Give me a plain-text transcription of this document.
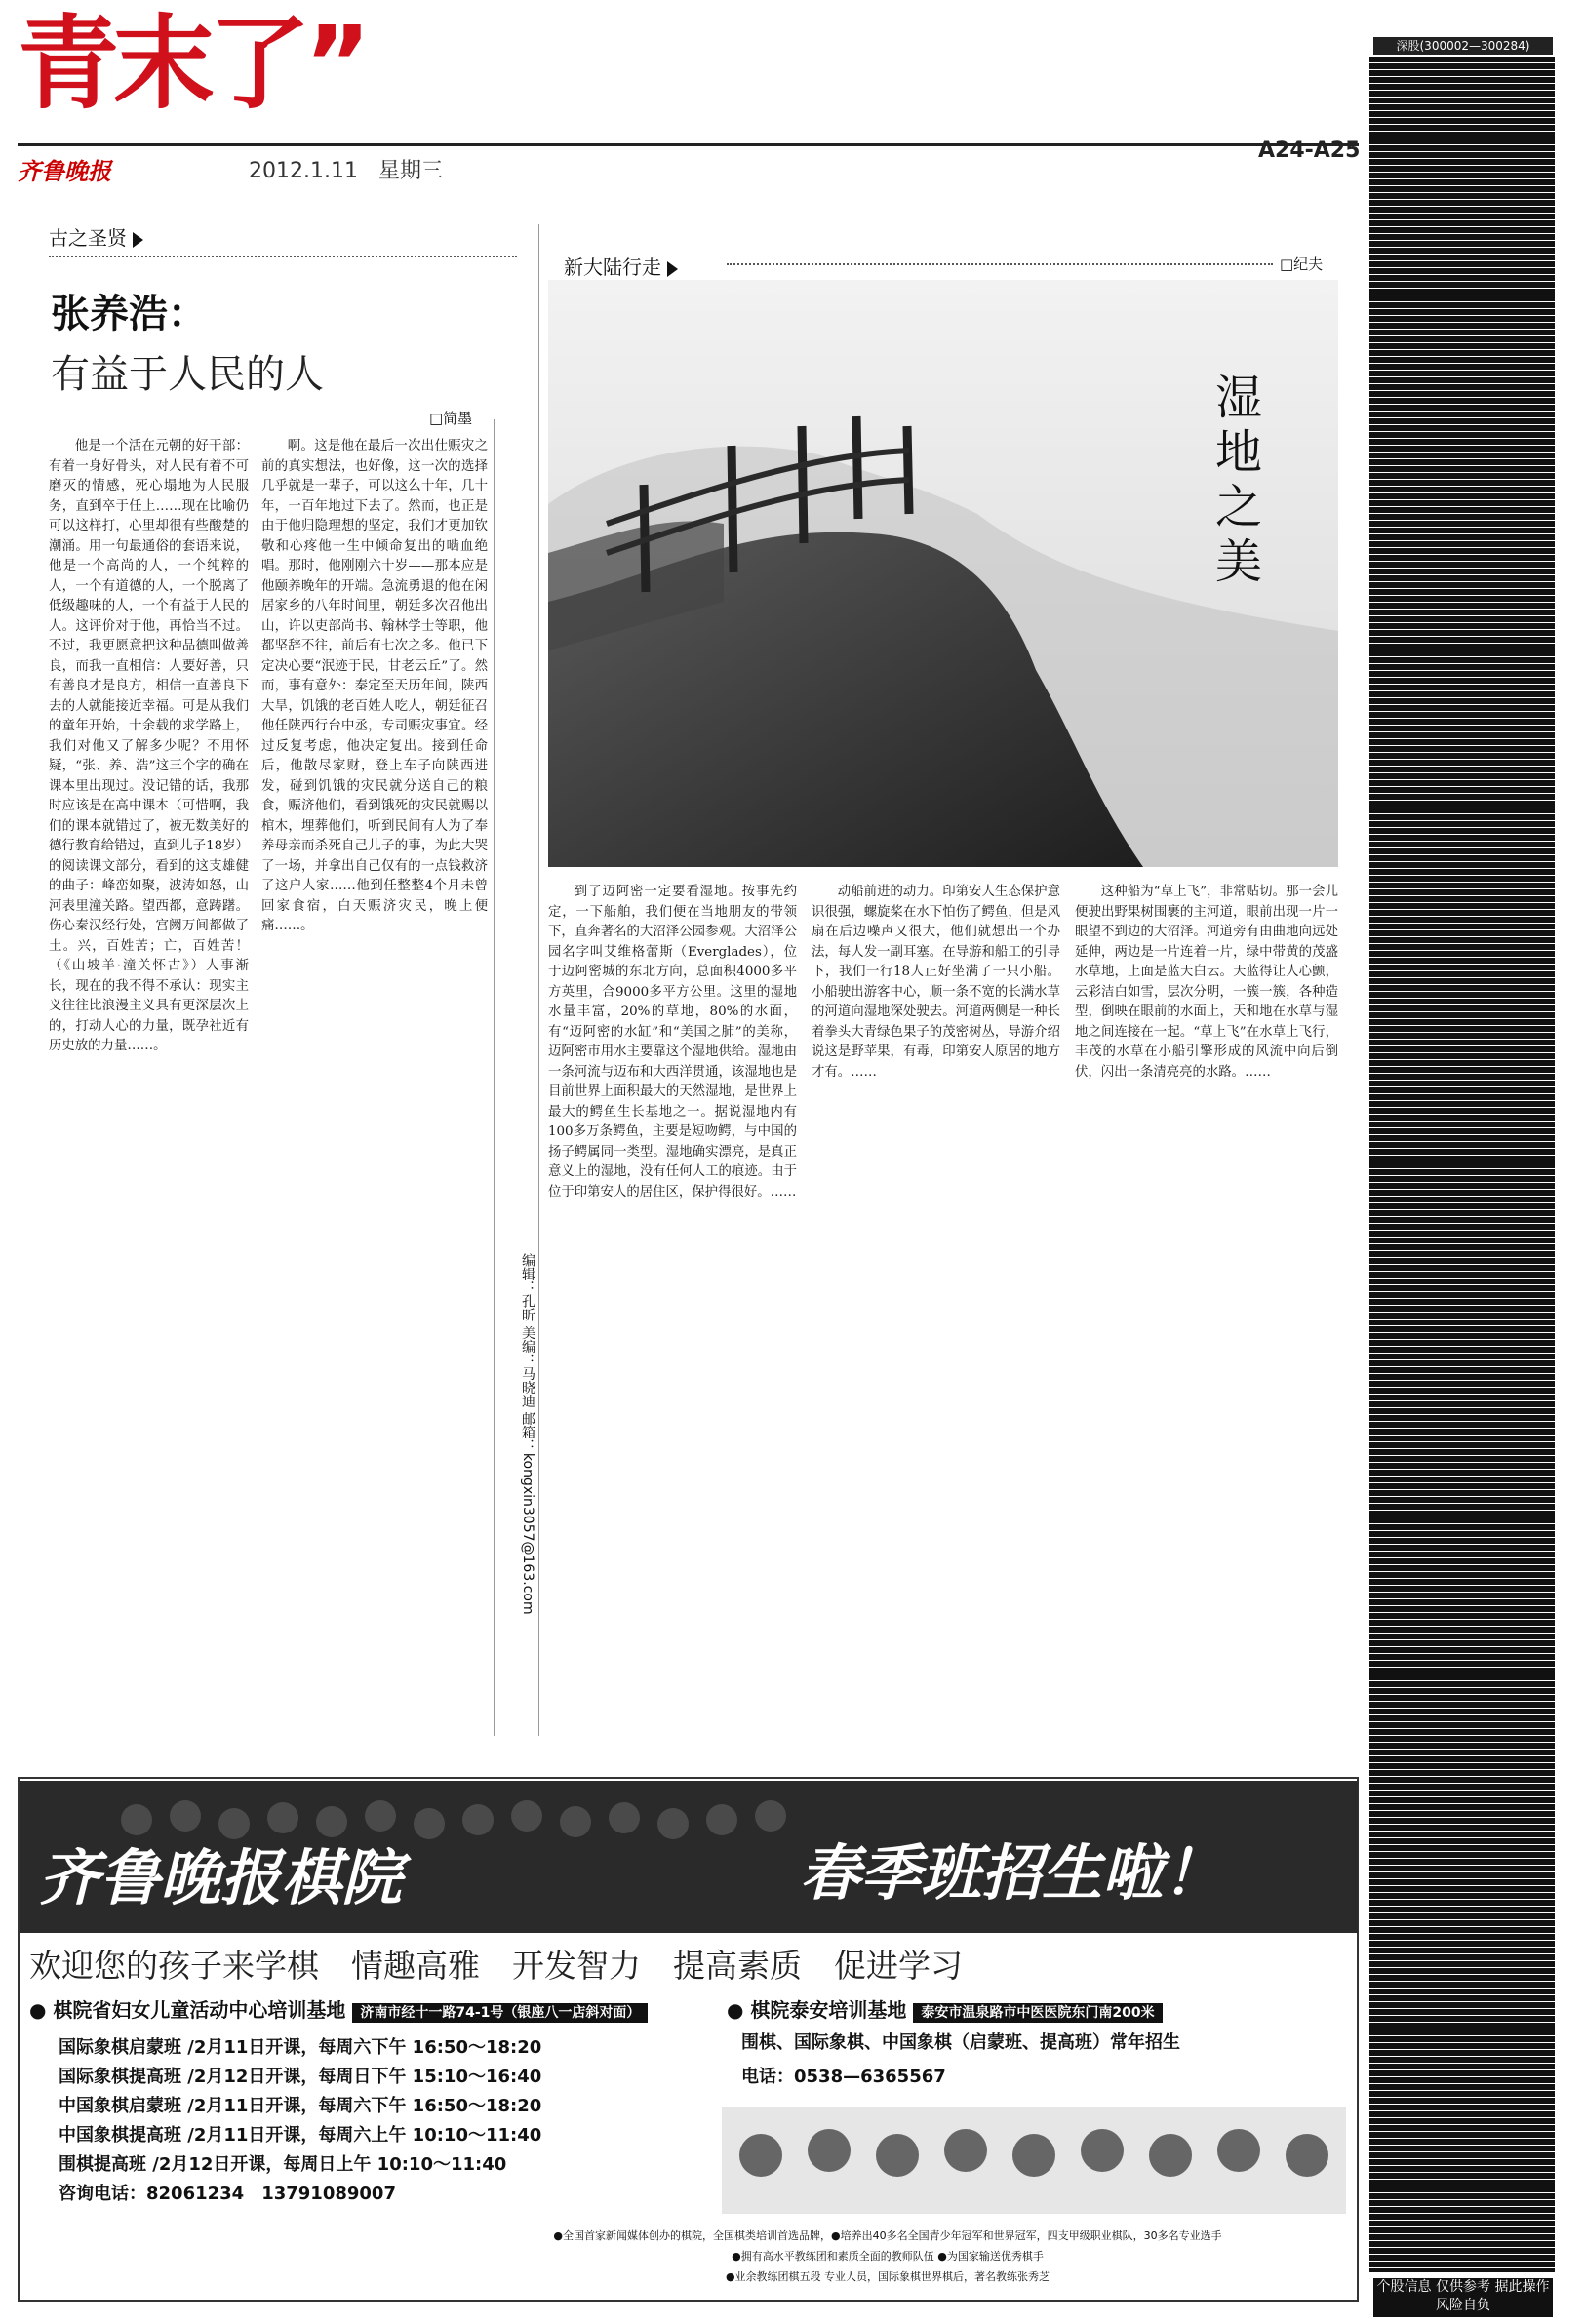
青末了”
齐鲁晚报	2012.1.11 星期三
A24-A25
古之圣贤
张养浩：
有益于人民的人
□简墨

他是一个活在元朝的好干部：有着一身好骨头，对人民有着不可磨灭的情感，死心塌地为人民服务，直到卒于任上……现在比喻仍可以这样打，心里却很有些酸楚的潮涌。用一句最通俗的套语来说，他是一个高尚的人，一个纯粹的人，一个有道德的人，一个脱离了低级趣味的人，一个有益于人民的人。这评价对于他，再恰当不过。不过，我更愿意把这种品德叫做善良，而我一直相信：人要好善，只有善良才是良方，相信一直善良下去的人就能接近幸福。可是从我们的童年开始，十余载的求学路上，我们对他又了解多少呢？不用怀疑，“张、养、浩”这三个字的确在课本里出现过。没记错的话，我那时应该是在高中课本（可惜啊，我们的课本就错过了，被无数美好的德行教育给错过，直到儿子18岁）的阅读课文部分，看到的这支雄健的曲子：峰峦如聚，波涛如怒，山河表里潼关路。望西都，意踌躇。伤心秦汉经行处，宫阙万间都做了土。兴，百姓苦；亡，百姓苦！（《山坡羊·潼关怀古》）人事渐长，现在的我不得不承认：现实主义往往比浪漫主义具有更深层次上的，打动人心的力量，既孕社近有历史放的力量……。

啊。这是他在最后一次出仕赈灾之前的真实想法，也好像，这一次的选择几乎就是一辈子，可以这么十年，几十年，一百年地过下去了。然而，也正是由于他归隐理想的坚定，我们才更加钦敬和心疼他一生中倾命复出的啮血绝唱。那时，他刚刚六十岁——那本应是他颐养晚年的开端。急流勇退的他在闲居家乡的八年时间里，朝廷多次召他出山，许以吏部尚书、翰林学士等职，他都坚辞不往，前后有七次之多。他已下定决心要“泯迹于民，甘老云丘”了。然而，事有意外：秦定至天历年间，陕西大旱，饥饿的老百姓人吃人，朝廷征召他任陕西行台中丞，专司赈灾事宜。经过反复考虑，他决定复出。接到任命后，他散尽家财，登上车子向陕西进发，碰到饥饿的灾民就分送自己的粮食，赈济他们，看到饿死的灾民就赐以棺木，埋葬他们，听到民间有人为了奉养母亲而杀死自己儿子的事，为此大哭了一场，并拿出自己仅有的一点钱救济了这户人家……他到任整整4个月未曾回家食宿，白天赈济灾民，晚上便痛……。

编辑：孔昕 美编：马晓迪 邮箱：kongxin3057@163.com
新大陆行走	□纪夫
湿地之美

到了迈阿密一定要看湿地。按事先约定，一下船舶，我们便在当地朋友的带领下，直奔著名的大沼泽公园参观。大沼泽公园名字叫艾维格蕾斯（Everglades），位于迈阿密城的东北方向，总面积4000多平方英里，合9000多平方公里。这里的湿地水量丰富，20%的草地，80%的水面，有“迈阿密的水缸”和“美国之肺”的美称，迈阿密市用水主要靠这个湿地供给。湿地由一条河流与迈布和大西洋贯通，该湿地也是目前世界上面积最大的天然湿地，是世界上最大的鳄鱼生长基地之一。据说湿地内有100多万条鳄鱼，主要是短吻鳄，与中国的扬子鳄属同一类型。湿地确实漂亮，是真正意义上的湿地，没有任何人工的痕迹。由于位于印第安人的居住区，保护得很好。……

动船前进的动力。印第安人生态保护意识很强，螺旋桨在水下怕伤了鳄鱼，但是风扇在后边噪声又很大，他们就想出一个办法，每人发一副耳塞。在导游和船工的引导下，我们一行18人正好坐满了一只小船。小船驶出游客中心，顺一条不宽的长满水草的河道向湿地深处驶去。河道两侧是一种长着拳头大青绿色果子的茂密树丛，导游介绍说这是野苹果，有毒，印第安人原居的地方才有。……

这种船为“草上飞”，非常贴切。那一会儿便驶出野果树围裹的主河道，眼前出现一片一眼望不到边的大沼泽。河道旁有由曲地向远处延伸，两边是一片连着一片，绿中带黄的茂盛水草地，上面是蓝天白云。天蓝得让人心颤，云彩洁白如雪，层次分明，一簇一簇，各种造型，倒映在眼前的水面上，天和地在水草与湿地之间连接在一起。“草上飞”在水草上飞行，丰茂的水草在小船引擎形成的风流中向后倒伏，闪出一条清亮亮的水路。……

深股(300002—300284)
个股信息 仅供参考 据此操作 风险自负
齐鲁晚报棋院	春季班招生啦！
欢迎您的孩子来学棋　情趣高雅　开发智力　提高素质　促进学习
● 棋院省妇女儿童活动中心培训基地 济南市经十一路74-1号（银座八一店斜对面）
国际象棋启蒙班 /2月11日开课，每周六下午 16:50～18:20
国际象棋提高班 /2月12日开课，每周日下午 15:10～16:40
中国象棋启蒙班 /2月11日开课，每周六下午 16:50～18:20
中国象棋提高班 /2月11日开课，每周六上午 10:10～11:40
围棋提高班 /2月12日开课，每周日上午 10:10～11:40
咨询电话：82061234　13791089007
● 棋院泰安培训基地 泰安市温泉路市中医医院东门南200米
围棋、国际象棋、中国象棋（启蒙班、提高班）常年招生
电话：0538—6365567
●全国首家新闻媒体创办的棋院，全国棋类培训首选品牌，●培养出40多名全国青少年冠军和世界冠军，四支甲级职业棋队，30多名专业选手
●拥有高水平教练团和素质全面的教师队伍 ●为国家输送优秀棋手
●业余教练团棋五段 专业人员，国际象棋世界棋后，著名教练张秀芝
